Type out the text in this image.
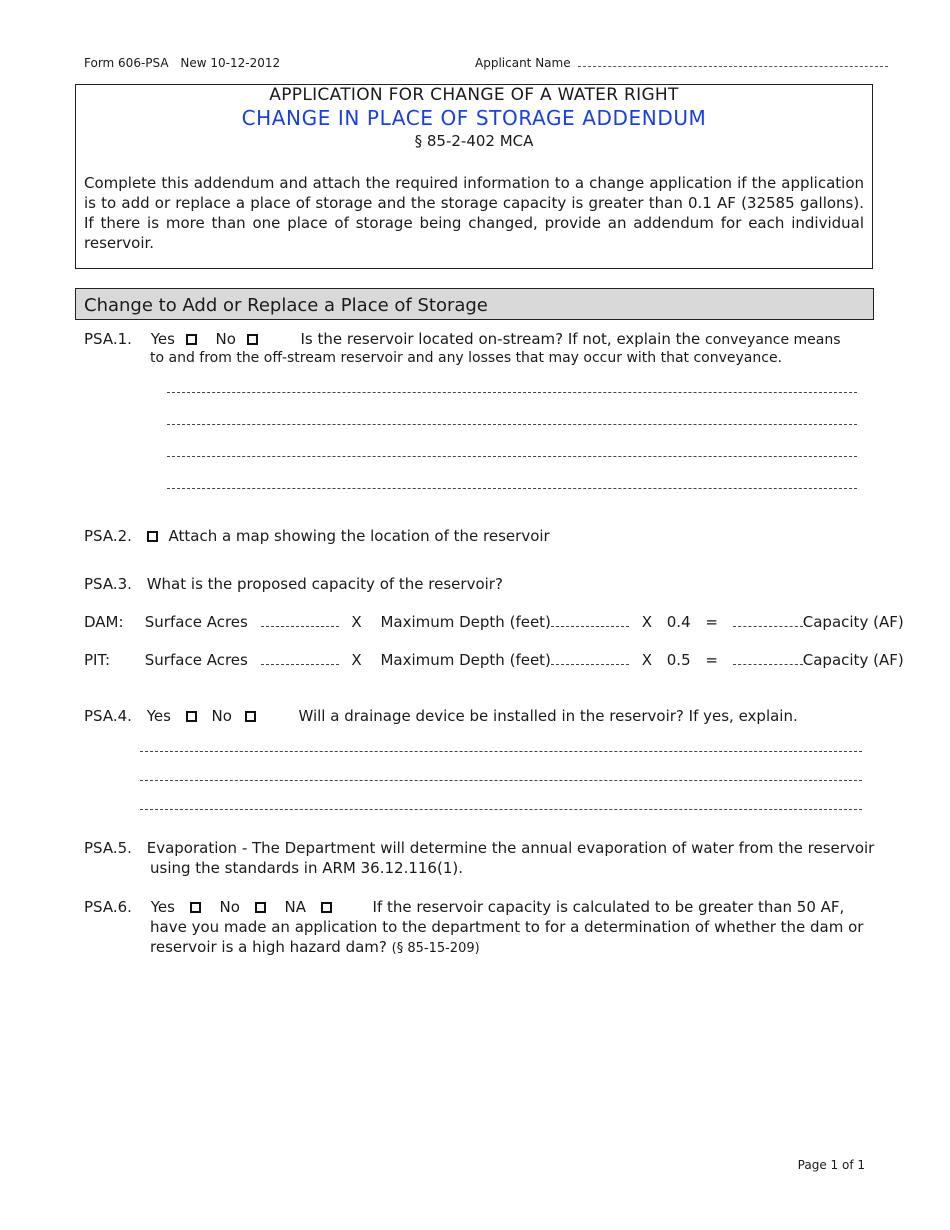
Form 606-PSA New 10-12-2012	Applicant Name
APPLICATION FOR CHANGE OF A WATER RIGHT
CHANGE IN PLACE OF STORAGE ADDENDUM
§ 85-2-402 MCA
Complete this addendum and attach the required information to a change application if the application is to add or replace a place of storage and the storage capacity is greater than 0.1 AF (32585 gallons). If there is more than one place of storage being changed, provide an addendum for each individual reservoir.
Change to Add or Replace a Place of Storage
PSA.1. Yes	No	Is the reservoir located on-stream? If not, explain the conveyance means
to and from the off-stream reservoir and any losses that may occur with that conveyance.
PSA.2. Attach a map showing the location of the reservoir
PSA.3. What is the proposed capacity of the reservoir?
DAM: Surface Acres	X Maximum Depth (feet)	X 0.4 =	Capacity (AF)
PIT: Surface Acres	X Maximum Depth (feet)	X 0.5 =	Capacity (AF)
PSA.4. Yes	No	Will a drainage device be installed in the reservoir? If yes, explain.
PSA.5. Evaporation - The Department will determine the annual evaporation of water from the reservoir
using the standards in ARM 36.12.116(1).
PSA.6. Yes	No	NA	If the reservoir capacity is calculated to be greater than 50 AF,
have you made an application to the department to for a determination of whether the dam or
reservoir is a high hazard dam? (§ 85-15-209)
Page 1 of 1
